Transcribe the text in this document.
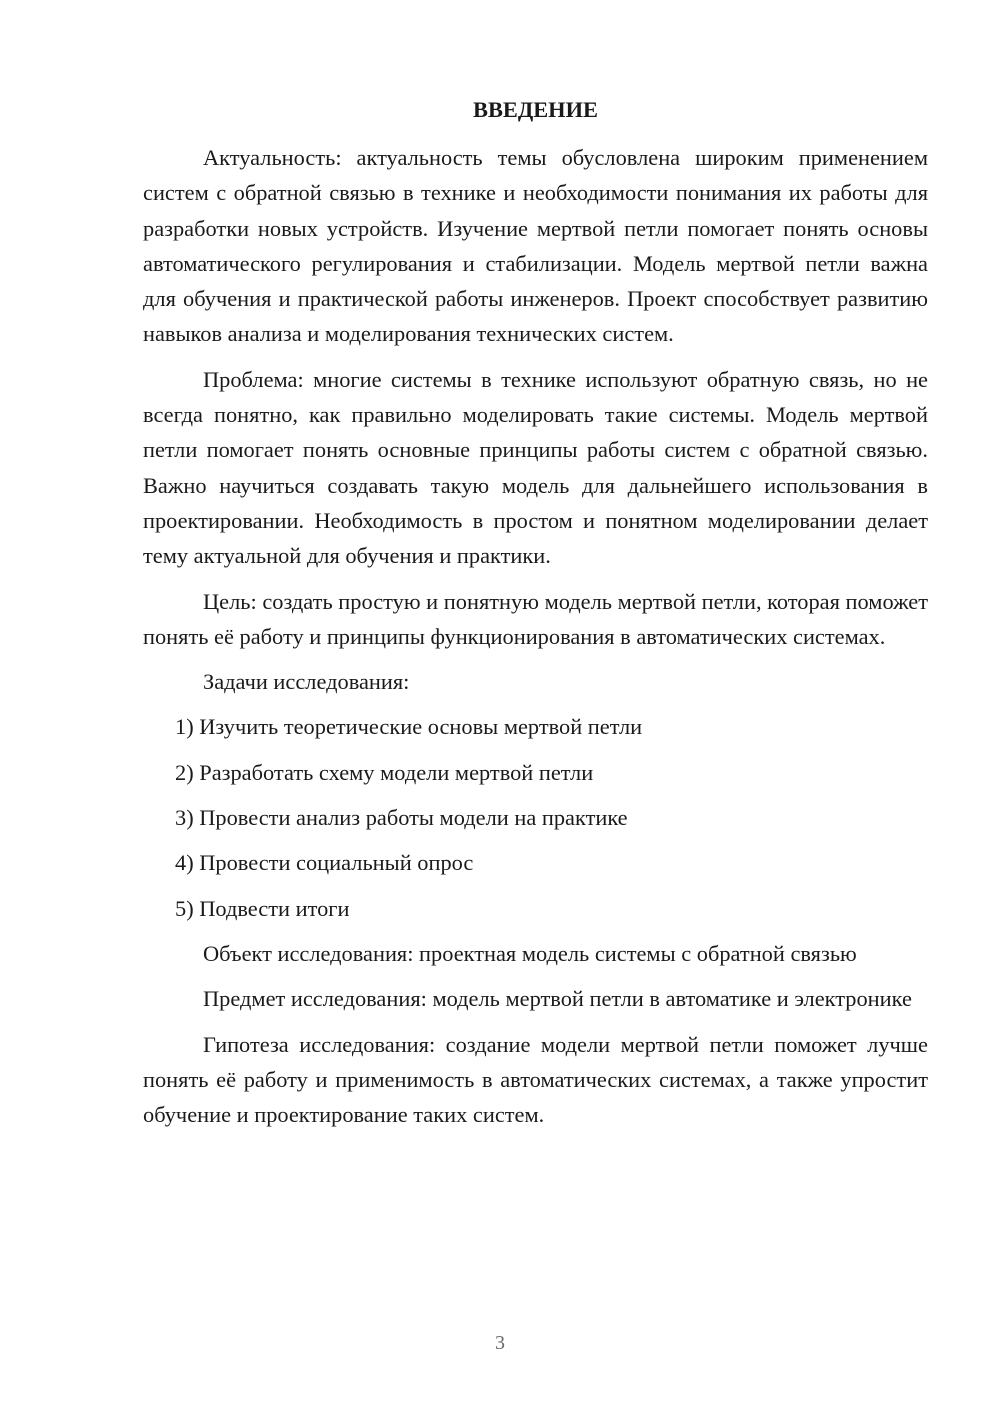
ВВЕДЕНИЕ

Актуальность: актуальность темы обусловлена широким применением систем с обратной связью в технике и необходимости понимания их работы для разработки новых устройств. Изучение мертвой петли помогает понять основы автоматического регулирования и стабилизации. Модель мертвой петли важна для обучения и практической работы инженеров. Проект способствует развитию навыков анализа и моделирования технических систем.

Проблема: многие системы в технике используют обратную связь, но не всегда понятно, как правильно моделировать такие системы. Модель мертвой петли помогает понять основные принципы работы систем с обратной связью. Важно научиться создавать такую модель для дальнейшего использования в проектировании. Необходимость в простом и понятном моделировании делает тему актуальной для обучения и практики.

Цель: создать простую и понятную модель мертвой петли, которая поможет понять её работу и принципы функционирования в автоматических системах.

Задачи исследования:

1) Изучить теоретические основы мертвой петли

2) Разработать схему модели мертвой петли

3) Провести анализ работы модели на практике

4) Провести социальный опрос

5) Подвести итоги

Объект исследования: проектная модель системы с обратной связью

Предмет исследования: модель мертвой петли в автоматике и электронике

Гипотеза исследования: создание модели мертвой петли поможет лучше понять её работу и применимость в автоматических системах, а также упростит обучение и проектирование таких систем.

3
